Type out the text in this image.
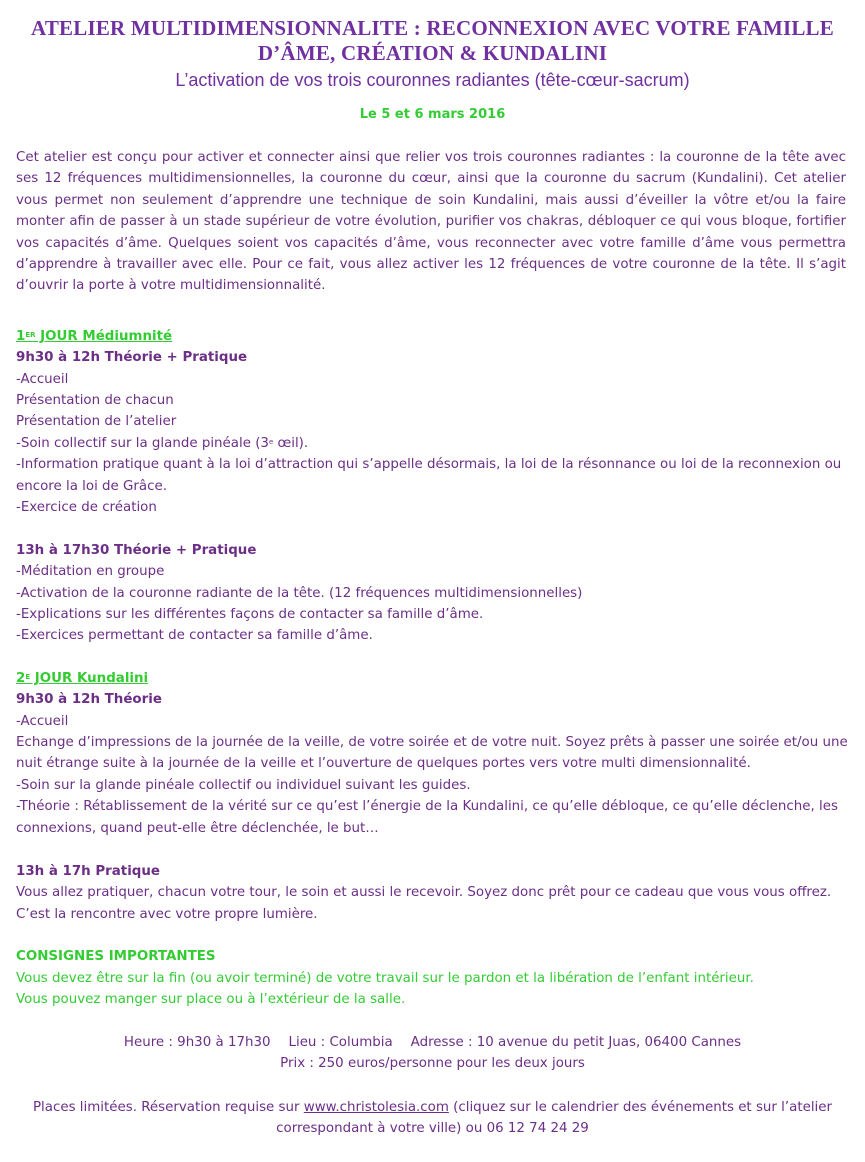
ATELIER MULTIDIMENSIONNALITE : RECONNEXION AVEC VOTRE FAMILLE
D’ÂME, CRÉATION & KUNDALINI
L’activation de vos trois couronnes radiantes (tête-cœur-sacrum)
Le 5 et 6 mars 2016
Cet atelier est conçu pour activer et connecter ainsi que relier vos trois couronnes radiantes : la couronne de la tête avec ses 12 fréquences multidimensionnelles, la couronne du cœur, ainsi que la couronne du sacrum (Kundalini). Cet atelier vous permet non seulement d’apprendre une technique de soin Kundalini, mais aussi d’éveiller la vôtre et/ou la faire monter afin de passer à un stade supérieur de votre évolution, purifier vos chakras, débloquer ce qui vous bloque, fortifier vos capacités d’âme. Quelques soient vos capacités d’âme, vous reconnecter avec votre famille d’âme vous permettra d’apprendre à travailler avec elle. Pour ce fait, vous allez activer les 12 fréquences de votre couronne de la tête. Il s’agit d’ouvrir la porte à votre multidimensionnalité.
1ER JOUR Médiumnité
9h30 à 12h Théorie + Pratique
-Accueil
Présentation de chacun
Présentation de l’atelier
-Soin collectif sur la glande pinéale (3e œil).
-Information pratique quant à la loi d’attraction qui s’appelle désormais, la loi de la résonnance ou loi de la reconnexion ou
encore la loi de Grâce.
-Exercice de création
13h à 17h30 Théorie + Pratique
-Méditation en groupe
-Activation de la couronne radiante de la tête. (12 fréquences multidimensionnelles)
-Explications sur les différentes façons de contacter sa famille d’âme.
-Exercices permettant de contacter sa famille d’âme.
$2^E$ JOUR Kundalini
9h30 à 12h Théorie
-Accueil
Echange d’impressions de la journée de la veille, de votre soirée et de votre nuit. Soyez prêts à passer une soirée et/ou une
nuit étrange suite à la journée de la veille et l’ouverture de quelques portes vers votre multi dimensionnalité.
-Soin sur la glande pinéale collectif ou individuel suivant les guides.
-Théorie : Rétablissement de la vérité sur ce qu’est l’énergie de la Kundalini, ce qu’elle débloque, ce qu’elle déclenche, les
connexions, quand peut-elle être déclenchée, le but…
13h à 17h Pratique
Vous allez pratiquer, chacun votre tour, le soin et aussi le recevoir. Soyez donc prêt pour ce cadeau que vous vous offrez.
C’est la rencontre avec votre propre lumière.
CONSIGNES IMPORTANTES
Vous devez être sur la fin (ou avoir terminé) de votre travail sur le pardon et la libération de l’enfant intérieur.
Vous pouvez manger sur place ou à l’extérieur de la salle.
Heure : 9h30 à 17h30 Lieu : Columbia Adresse : 10 avenue du petit Juas, 06400 Cannes
Prix : 250 euros/personne pour les deux jours
Places limitées. Réservation requise sur www.christolesia.com (cliquez sur le calendrier des événements et sur l’atelier
correspondant à votre ville) ou 06 12 74 24 29
